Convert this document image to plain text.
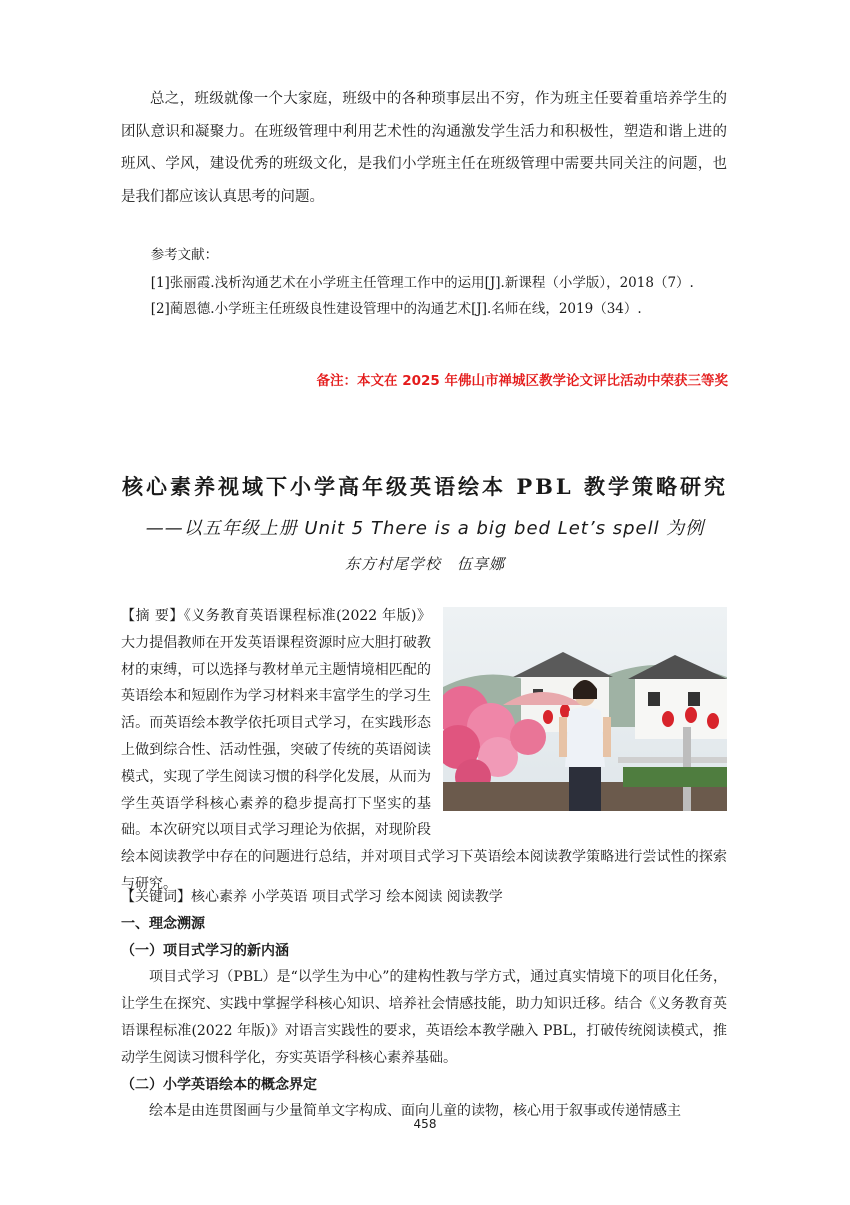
总之，班级就像一个大家庭，班级中的各种琐事层出不穷，作为班主任要着重培养学生的团队意识和凝聚力。在班级管理中利用艺术性的沟通激发学生活力和积极性，塑造和谐上进的班风、学风，建设优秀的班级文化，是我们小学班主任在班级管理中需要共同关注的问题，也是我们都应该认真思考的问题。

参考文献：
[1]张丽霞.浅析沟通艺术在小学班主任管理工作中的运用[J].新课程（小学版），2018（7）.
[2]蔺恩德.小学班主任班级良性建设管理中的沟通艺术[J].名师在线，2019（34）.
备注：本文在 2025 年佛山市禅城区教学论文评比活动中荣获三等奖
核心素养视域下小学高年级英语绘本 PBL 教学策略研究
——以五年级上册 Unit 5 There is a big bed Let’s spell 为例
东方村尾学校　伍享娜
【摘 要】《义务教育英语课程标准(2022 年版)》大力提倡教师在开发英语课程资源时应大胆打破教材的束缚，可以选择与教材单元主题情境相匹配的英语绘本和短剧作为学习材料来丰富学生的学习生活。而英语绘本教学依托项目式学习，在实践形态上做到综合性、活动性强，突破了传统的英语阅读模式，实现了学生阅读习惯的科学化发展，从而为学生英语学科核心素养的稳步提高打下坚实的基础。本次研究以项目式学习理论为依据，对现阶段绘本阅读教学中存在的问题进行总结，并对项目式学习下英语绘本阅读教学策略进行尝试性的探索与研究。

【关键词】核心素养 小学英语 项目式学习 绘本阅读 阅读教学

一、理念溯源

（一）项目式学习的新内涵

项目式学习（PBL）是“以学生为中心”的建构性教与学方式，通过真实情境下的项目化任务，让学生在探究、实践中掌握学科核心知识、培养社会情感技能，助力知识迁移。结合《义务教育英语课程标准(2022 年版)》对语言实践性的要求，英语绘本教学融入 PBL，打破传统阅读模式，推动学生阅读习惯科学化，夯实英语学科核心素养基础。

（二）小学英语绘本的概念界定

绘本是由连贯图画与少量简单文字构成、面向儿童的读物，核心用于叙事或传递情感主

458
